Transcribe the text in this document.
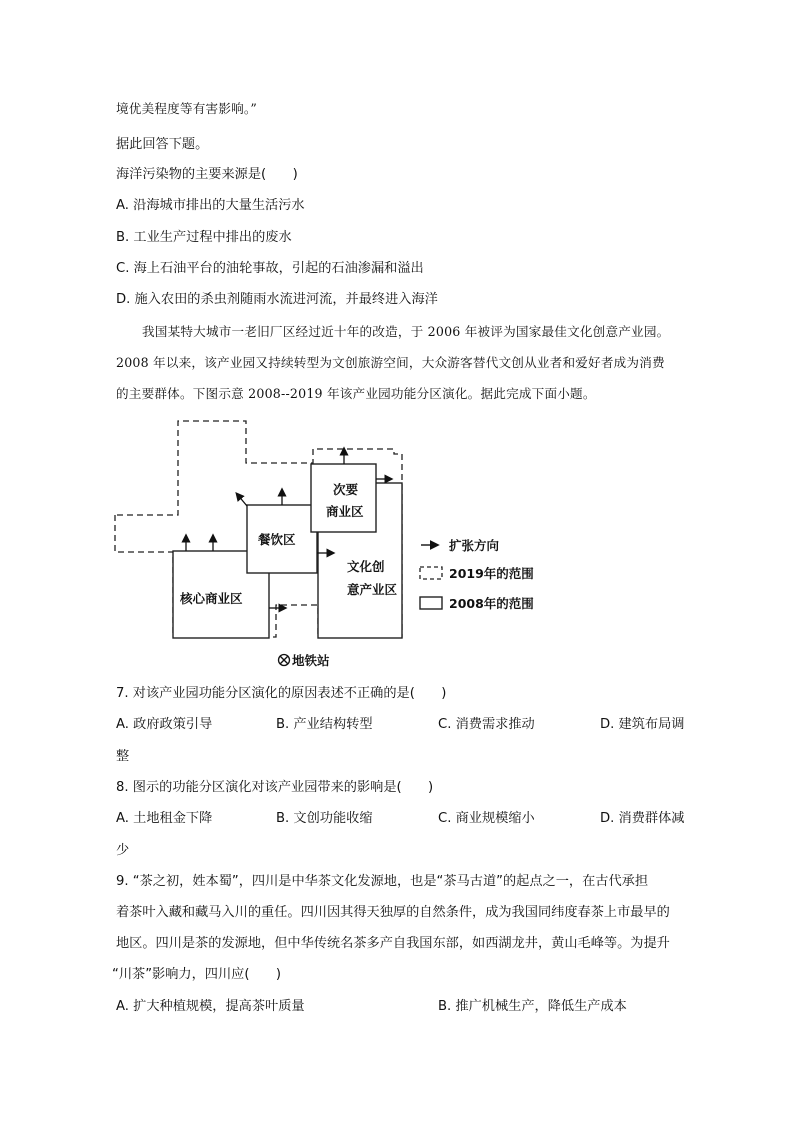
境优美程度等有害影响。”
据此回答下题。
海洋污染物的主要来源是(　　)
A. 沿海城市排出的大量生活污水
B. 工业生产过程中排出的废水
C. 海上石油平台的油轮事故，引起的石油渗漏和溢出
D. 施入农田的杀虫剂随雨水流进河流，并最终进入海洋
我国某特大城市一老旧厂区经过近十年的改造，于 2006 年被评为国家最佳文化创意产业园。
2008 年以来，该产业园又持续转型为文创旅游空间，大众游客替代文创从业者和爱好者成为消费
的主要群体。下图示意 2008--2019 年该产业园功能分区演化。据此完成下面小题。
核心商业区
餐饮区
次要
商业区
文化创
意产业区
扩张方向
2019年的范围
2008年的范围
地铁站
7. 对该产业园功能分区演化的原因表述不正确的是(　　)
A. 政府政策引导	B. 产业结构转型	C. 消费需求推动	D. 建筑布局调
整
8. 图示的功能分区演化对该产业园带来的影响是(　　)
A. 土地租金下降	B. 文创功能收缩	C. 商业规模缩小	D. 消费群体减
少
9. “茶之初，姓本蜀”，四川是中华茶文化发源地，也是“茶马古道”的起点之一，在古代承担
着茶叶入藏和藏马入川的重任。四川因其得天独厚的自然条件，成为我国同纬度春茶上市最早的
地区。四川是茶的发源地，但中华传统名茶多产自我国东部，如西湖龙井，黄山毛峰等。为提升
“川茶”影响力，四川应(　　)
A. 扩大种植规模，提高茶叶质量	B. 推广机械生产，降低生产成本
